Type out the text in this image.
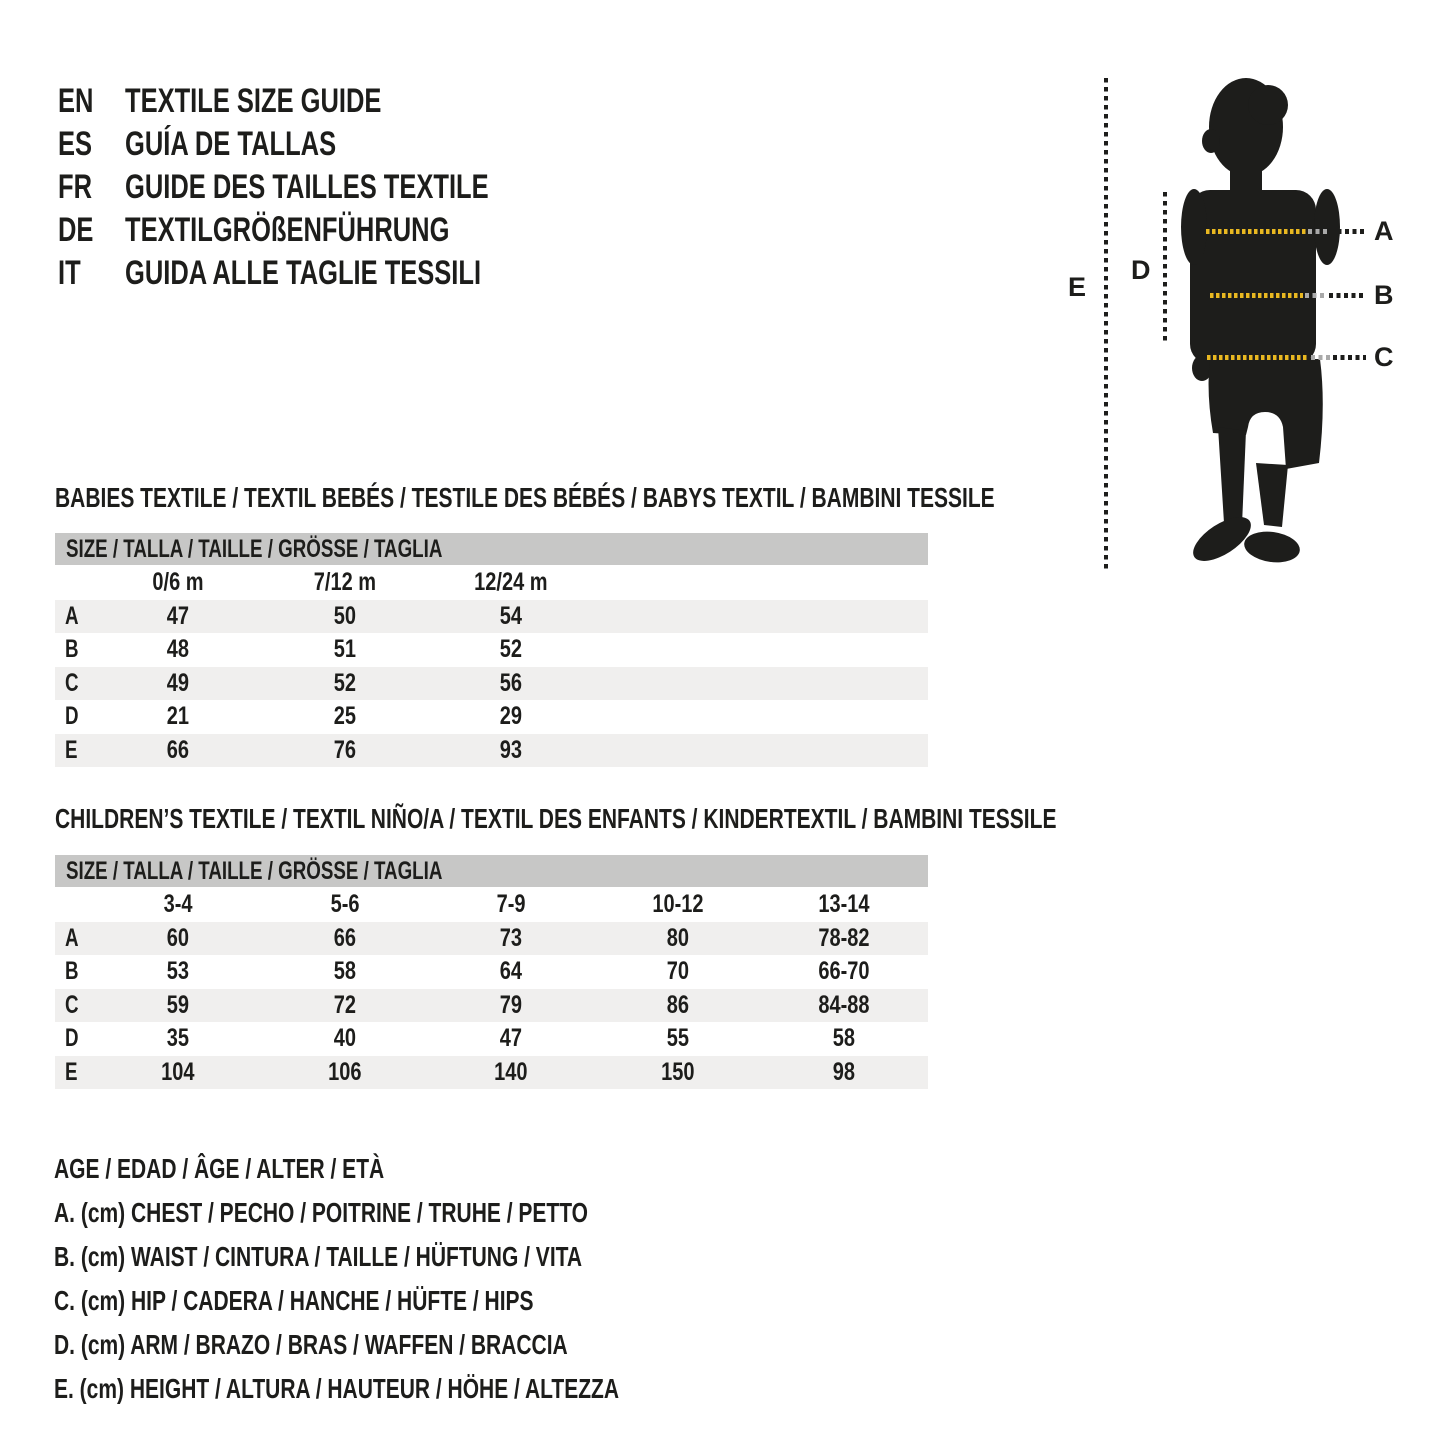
EN TEXTILE SIZE GUIDE
ES GUÍA DE TALLAS
FR GUIDE DES TAILLES TEXTILE
DE TEXTILGRÖßENFÜHRUNG
IT	GUIDA ALLE TAGLIE TESSILI	E
D
A
B
C
BABIES TEXTILE / TEXTIL BEBÉS / TESTILE DES BÉBÉS / BABYS TEXTIL / BAMBINI TESSILE
SIZE / TALLA / TAILLE / GRÖSSE / TAGLIA
0/6 m	7/12 m	12/24 m
A	47	50	54
B	48	51	52
C	49	52	56
D	21	25	29
E	66	76	93
CHILDREN’S TEXTILE / TEXTIL NIÑO/A / TEXTIL DES ENFANTS / KINDERTEXTIL / BAMBINI TESSILE
SIZE / TALLA / TAILLE / GRÖSSE / TAGLIA
3-4	5-6	7-9	10-12	13-14
A	60	66	73	80	78-82
B	53	58	64	70	66-70
C	59	72	79	86	84-88
D	35	40	47	55	58
E	104	106	140	150	98
AGE / EDAD / ÂGE / ALTER / ETÀ
A. (cm) CHEST / PECHO / POITRINE / TRUHE / PETTO
B. (cm) WAIST / CINTURA / TAILLE / HÜFTUNG / VITA
C. (cm) HIP / CADERA / HANCHE / HÜFTE / HIPS
D. (cm) ARM / BRAZO / BRAS / WAFFEN / BRACCIA
E. (cm) HEIGHT / ALTURA / HAUTEUR / HÖHE / ALTEZZA
